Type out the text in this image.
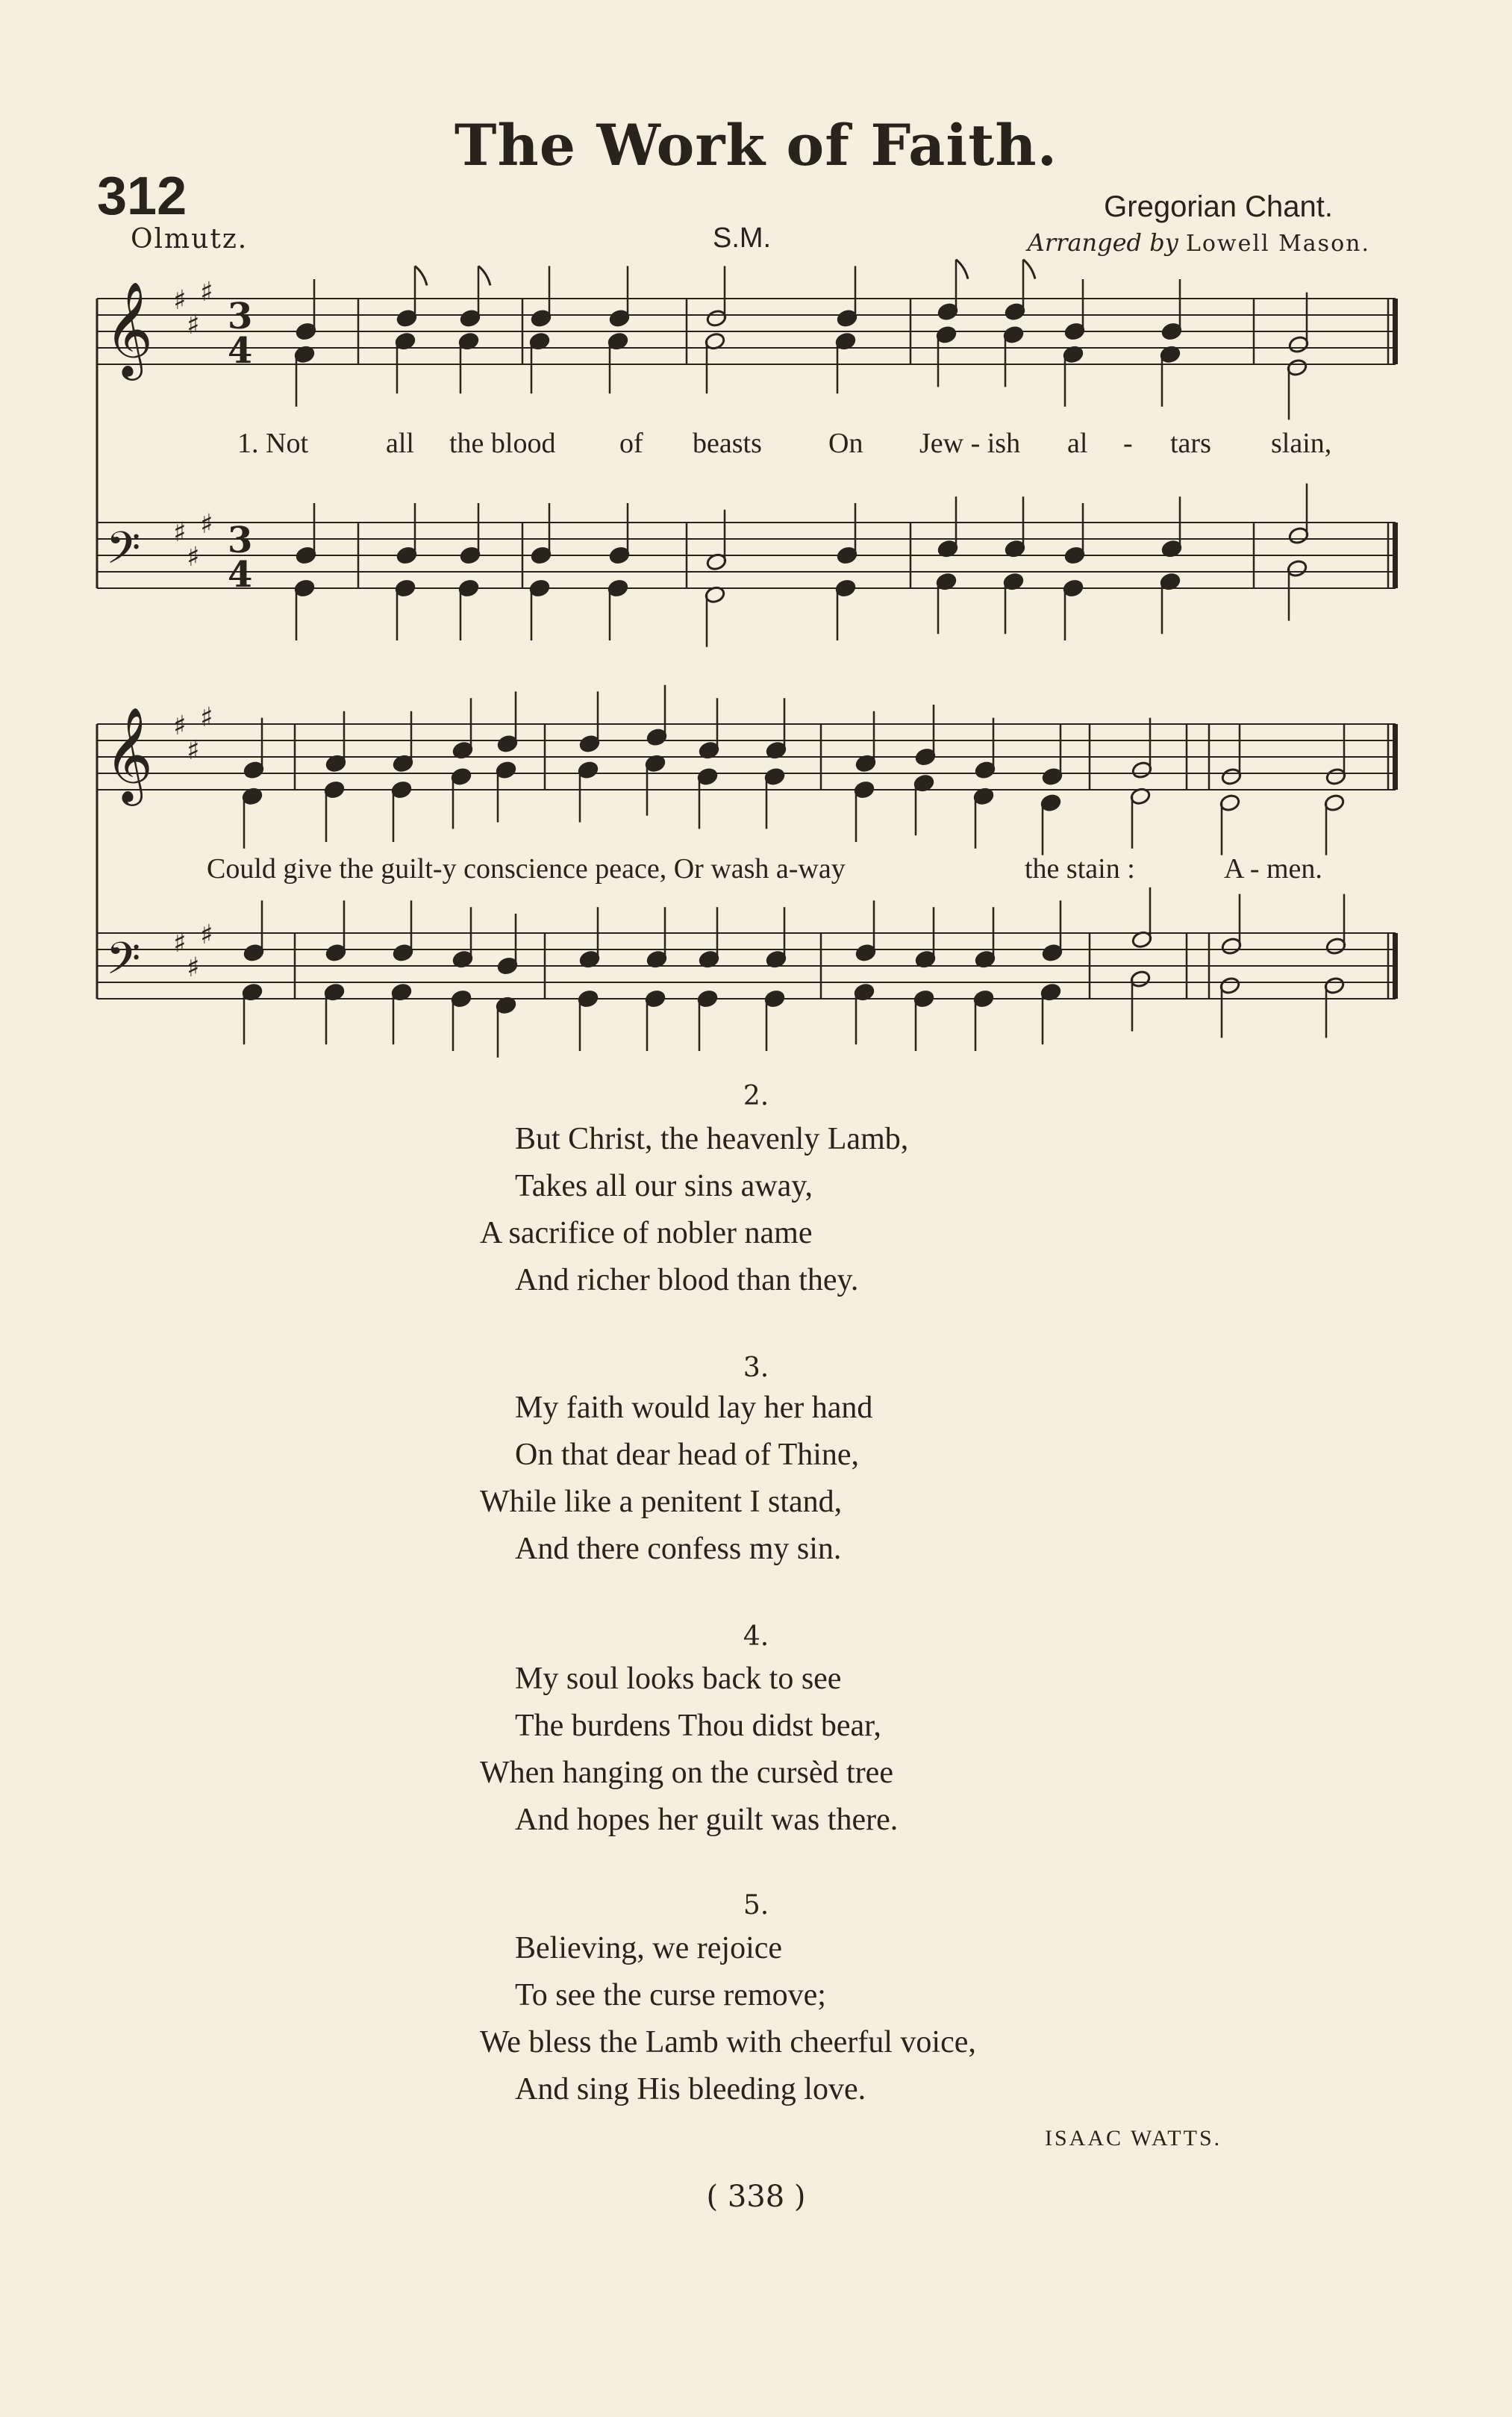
The Work of Faith.
312
Olmutz.	S.M.
Gregorian Chant.
Arranged by Lowell Mason.
𝄞
𝄢
♯
♯
♯
♯
♯
♯
3
4
3
4
𝄞
𝄢
♯
♯
♯
♯
♯
♯
1. Not	all the blood of beasts On Jew - ish al - tars slain,
Could give the guilt-y conscience peace, Or wash a-way	the stain :	A - men.
2.
But Christ, the heavenly Lamb,
Takes all our sins away,
A sacrifice of nobler name
And richer blood than they.
3.
My faith would lay her hand
On that dear head of Thine,
While like a penitent I stand,
And there confess my sin.
4.
My soul looks back to see
The burdens Thou didst bear,
When hanging on the cursèd tree
And hopes her guilt was there.
5.
Believing, we rejoice
To see the curse remove;
We bless the Lamb with cheerful voice,
And sing His bleeding love.
ISAAC WATTS.
( 338 )
